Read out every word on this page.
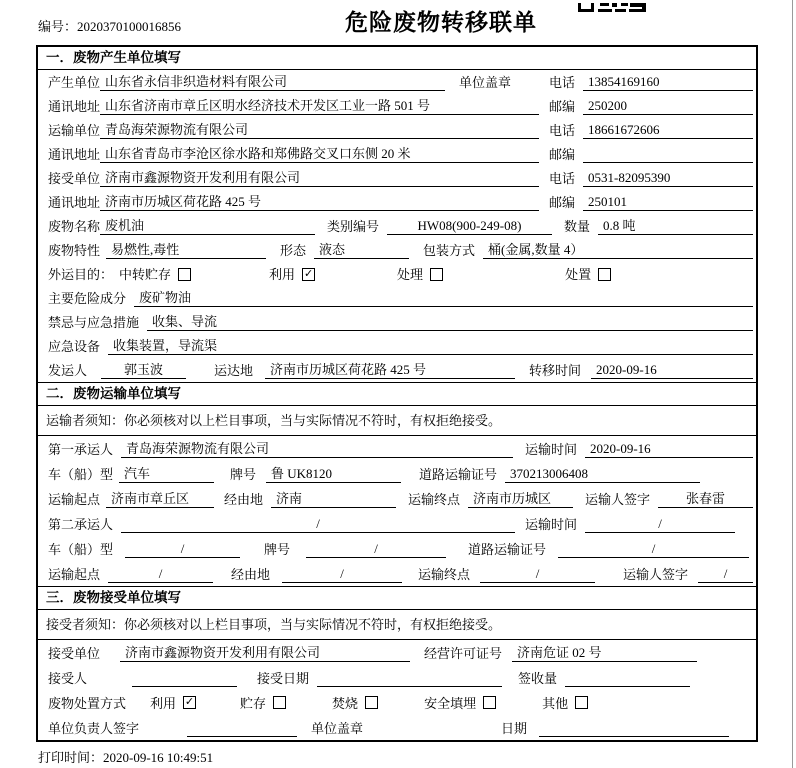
编号：2020370100016856	危险废物转移联单
一．废物产生单位填写
产生单位 山东省永信非织造材料有限公司	单位盖章	电话	13854169160
通讯地址 山东省济南市章丘区明水经济技术开发区工业一路 501 号	邮编	250200
运输单位 青岛海荣源物流有限公司	电话	18661672606
通讯地址 山东省青岛市李沧区徐水路和郑佛路交叉口东侧 20 米	邮编
接受单位 济南市鑫源物资开发利用有限公司	电话	0531-82095390
通讯地址 济南市历城区荷花路 425 号	邮编	250101
废物名称 废机油	类别编号	HW08(900-249-08)	数量	0.8 吨
废物特性 易燃性,毒性	形态	液态	包装方式	桶(金属,数量 4）
外运目的： 中转贮存	利用 ✓	处理	处置
主要危险成分	废矿物油
禁忌与应急措施	收集、导流
应急设备	收集装置，导流渠
发运人	郭玉波	运达地	济南市历城区荷花路 425 号	转移时间	2020-09-16
二．废物运输单位填写
运输者须知：你必须核对以上栏目事项，当与实际情况不符时，有权拒绝接受。
第一承运人	青岛海荣源物流有限公司	运输时间	2020-09-16
车（船）型 汽车	牌号	鲁 UK8120	道路运输证号	370213006408
运输起点 济南市章丘区	经由地	济南	运输终点	济南市历城区	运输人签字	张春雷
第二承运人	/	运输时间	/
车（船）型	/	牌号	/	道路运输证号	/
运输起点	/	经由地	/	运输终点	/	运输人签字	/
三．废物接受单位填写
接受者须知：你必须核对以上栏目事项，当与实际情况不符时，有权拒绝接受。
接受单位	济南市鑫源物资开发利用有限公司	经营许可证号	济南危证 02 号
接受人	接受日期	签收量
废物处置方式 利用 ✓	贮存	焚烧	安全填埋	其他
单位负责人签字	单位盖章	日期
打印时间：2020-09-16 10:49:51
